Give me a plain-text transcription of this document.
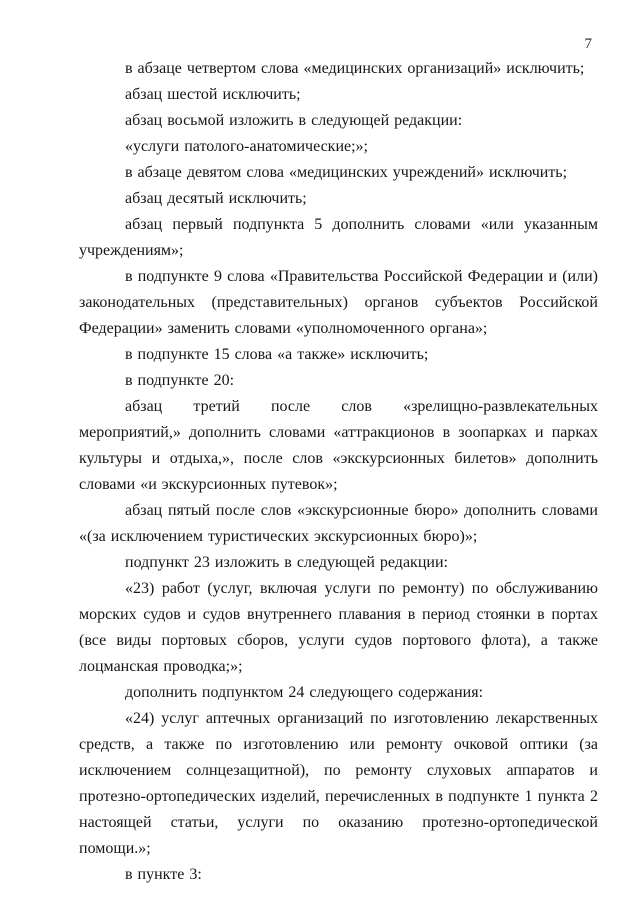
7

в абзаце четвертом слова «медицинских организаций» исключить;

абзац шестой исключить;

абзац восьмой изложить в следующей редакции:

«услуги патолого-анатомические;»;

в абзаце девятом слова «медицинских учреждений» исключить;

абзац десятый исключить;

абзац первый подпункта 5 дополнить словами «или указанным учреждениям»;

в подпункте 9 слова «Правительства Российской Федерации и (или) законодательных (представительных) органов субъектов Российской Федерации» заменить словами «уполномоченного органа»;

в подпункте 15 слова «а также» исключить;

в подпункте 20:

абзац третий после слов «зрелищно-развлекательных мероприятий,» дополнить словами «аттракционов в зоопарках и парках культуры и отдыха,», после слов «экскурсионных билетов» дополнить словами «и экскурсионных путевок»;

абзац пятый после слов «экскурсионные бюро» дополнить словами «(за исключением туристических экскурсионных бюро)»;

подпункт 23 изложить в следующей редакции:

«23) работ (услуг, включая услуги по ремонту) по обслуживанию морских судов и судов внутреннего плавания в период стоянки в портах (все виды портовых сборов, услуги судов портового флота), а также лоцманская проводка;»;

дополнить подпунктом 24 следующего содержания:

«24) услуг аптечных организаций по изготовлению лекарственных средств, а также по изготовлению или ремонту очковой оптики (за исключением солнцезащитной), по ремонту слуховых аппаратов и протезно-ортопедических изделий, перечисленных в подпункте 1 пункта 2 настоящей статьи, услуги по оказанию протезно-ортопедической помощи.»;

в пункте 3:
